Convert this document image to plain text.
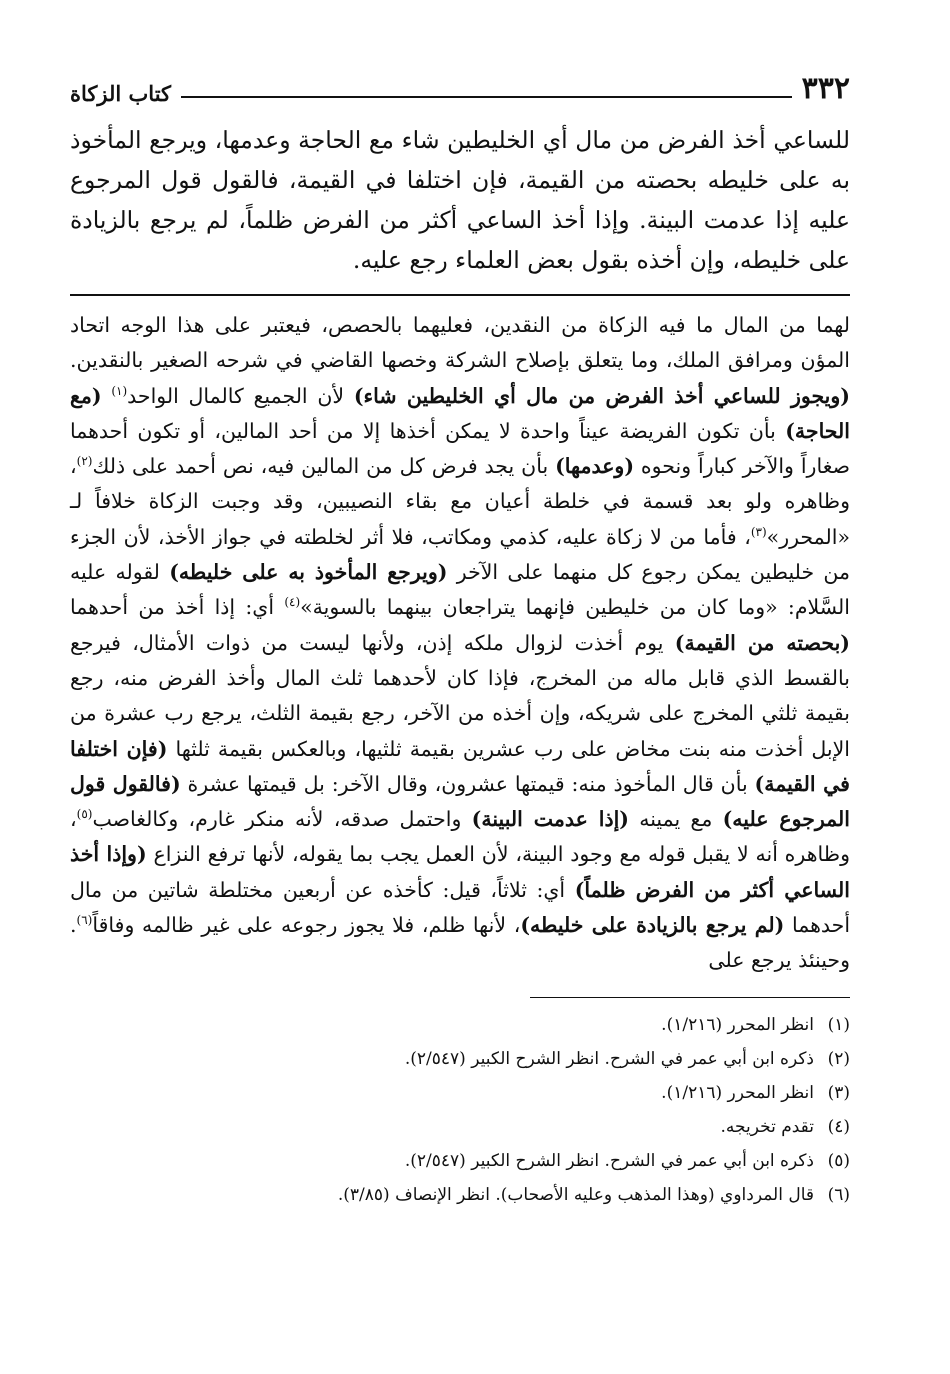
٣٣٢
كتاب الزكاة

للساعي أخذ الفرض من مال أي الخليطين شاء مع الحاجة وعدمها، ويرجع المأخوذ به على خليطه بحصته من القيمة، فإن اختلفا في القيمة، فالقول قول المرجوع عليه إذا عدمت البينة. وإذا أخذ الساعي أكثر من الفرض ظلماً، لم يرجع بالزيادة على خليطه، وإن أخذه بقول بعض العلماء رجع عليه.

لهما من المال ما فيه الزكاة من النقدين، فعليهما بالحصص، فيعتبر على هذا الوجه اتحاد المؤن ومرافق الملك، وما يتعلق بإصلاح الشركة وخصها القاضي في شرحه الصغير بالنقدين. (ويجوز للساعي أخذ الفرض من مال أي الخليطين شاء) لأن الجميع كالمال الواحد$^{(١)}$ (مع الحاجة) بأن تكون الفريضة عيناً واحدة لا يمكن أخذها إلا من أحد المالين، أو تكون أحدهما صغاراً والآخر كباراً ونحوه (وعدمها) بأن يجد فرض كل من المالين فيه، نص أحمد على ذلك$^{(٢)}$، وظاهره ولو بعد قسمة في خلطة أعيان مع بقاء النصيبين، وقد وجبت الزكاة خلافاً لـ «المحرر»$^{(٣)}$، فأما من لا زكاة عليه، كذمي ومكاتب، فلا أثر لخلطته في جواز الأخذ، لأن الجزء من خليطين يمكن رجوع كل منهما على الآخر (ويرجع المأخوذ به على خليطه) لقوله عليه السَّلام: «وما كان من خليطين فإنهما يتراجعان بينهما بالسوية»$^{(٤)}$ أي: إذا أخذ من أحدهما (بحصته من القيمة) يوم أخذت لزوال ملكه إذن، ولأنها ليست من ذوات الأمثال، فيرجع بالقسط الذي قابل ماله من المخرج، فإذا كان لأحدهما ثلث المال وأخذ الفرض منه، رجع بقيمة ثلثي المخرج على شريكه، وإن أخذه من الآخر، رجع بقيمة الثلث، يرجع رب عشرة من الإبل أخذت منه بنت مخاض على رب عشرين بقيمة ثلثيها، وبالعكس بقيمة ثلثها (فإن اختلفا في القيمة) بأن قال المأخوذ منه: قيمتها عشرون، وقال الآخر: بل قيمتها عشرة (فالقول قول المرجوع عليه) مع يمينه (إذا عدمت البينة) واحتمل صدقه، لأنه منكر غارم، وكالغاصب$^{(٥)}$، وظاهره أنه لا يقبل قوله مع وجود البينة، لأن العمل يجب بما يقوله، لأنها ترفع النزاع (وإذا أخذ الساعي أكثر من الفرض ظلماً) أي: ثلاثاً، قيل: كأخذه عن أربعين مختلطة شاتين من مال أحدهما (لم يرجع بالزيادة على خليطه)، لأنها ظلم، فلا يجوز رجوعه على غير ظالمه وفاقاً$^{(٦)}$. وحينئذ يرجع على

(١)
انظر المحرر (١/٢١٦).
(٢)
ذكره ابن أبي عمر في الشرح. انظر الشرح الكبير (٢/٥٤٧).
(٣)
انظر المحرر (١/٢١٦).
(٤)
تقدم تخريجه.
(٥)
ذكره ابن أبي عمر في الشرح. انظر الشرح الكبير (٢/٥٤٧).
(٦)
قال المرداوي (وهذا المذهب وعليه الأصحاب). انظر الإنصاف (٣/٨٥).
